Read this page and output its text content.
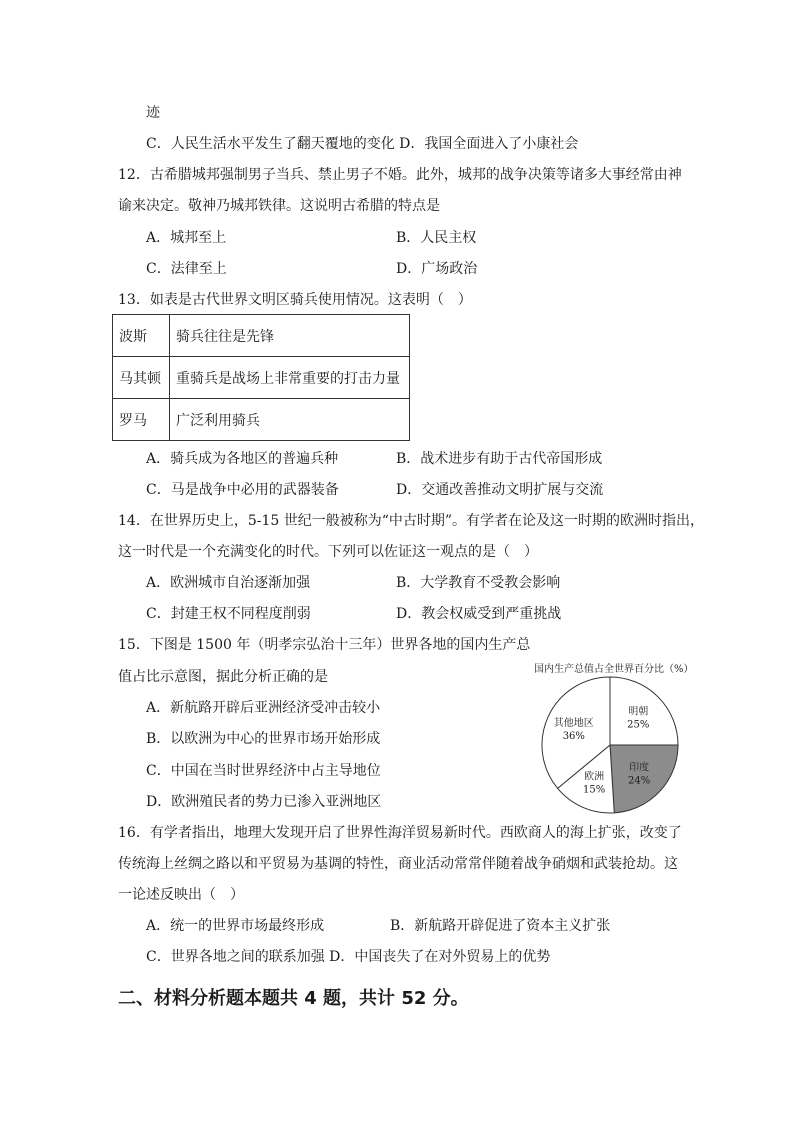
迹
C．人民生活水平发生了翻天覆地的变化 D．我国全面进入了小康社会
12．古希腊城邦强制男子当兵、禁止男子不婚。此外，城邦的战争决策等诸多大事经常由神
谕来决定。敬神乃城邦铁律。这说明古希腊的特点是
A．城邦至上	B．人民主权
C．法律至上	D．广场政治
13．如表是古代世界文明区骑兵使用情况。这表明（　）
波斯	骑兵往往是先锋
马其顿	重骑兵是战场上非常重要的打击力量
罗马	广泛利用骑兵
A．骑兵成为各地区的普遍兵种	B．战术进步有助于古代帝国形成
C．马是战争中必用的武器装备	D．交通改善推动文明扩展与交流
14．在世界历史上，5-15 世纪一般被称为“中古时期”。有学者在论及这一时期的欧洲时指出，
这一时代是一个充满变化的时代。下列可以佐证这一观点的是（　）
A．欧洲城市自治逐渐加强	B．大学教育不受教会影响
C．封建王权不同程度削弱	D．教会权威受到严重挑战
15．下图是 1500 年（明孝宗弘治十三年）世界各地的国内生产总
值占比示意图，据此分析正确的是
A．新航路开辟后亚洲经济受冲击较小
B．以欧洲为中心的世界市场开始形成
C．中国在当时世界经济中占主导地位
D．欧洲殖民者的势力已渗入亚洲地区
国内生产总值占全世界百分比（%）
明朝
25%
印度
24%
欧洲
15%
其他地区
36%
16．有学者指出，地理大发现开启了世界性海洋贸易新时代。西欧商人的海上扩张，改变了
传统海上丝绸之路以和平贸易为基调的特性，商业活动常常伴随着战争硝烟和武装抢劫。这
一论述反映出（　）
A．统一的世界市场最终形成	B．新航路开辟促进了资本主义扩张
C．世界各地之间的联系加强 D．中国丧失了在对外贸易上的优势
二、材料分析题本题共 4 题，共计 52 分。
